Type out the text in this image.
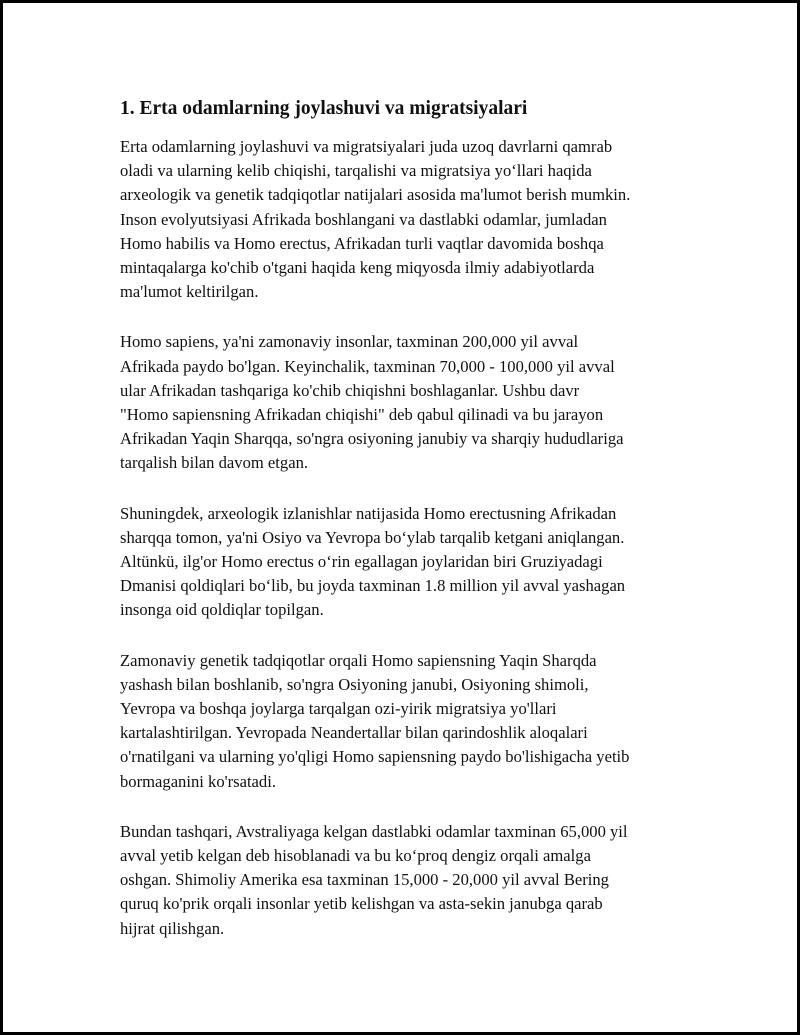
1. Erta odamlarning joylashuvi va migratsiyalari

Erta odamlarning joylashuvi va migratsiyalari juda uzoq davrlarni qamrab
oladi va ularning kelib chiqishi, tarqalishi va migratsiya yo‘llari haqida
arxeologik va genetik tadqiqotlar natijalari asosida ma'lumot berish mumkin.
Inson evolyutsiyasi Afrikada boshlangani va dastlabki odamlar, jumladan
Homo habilis va Homo erectus, Afrikadan turli vaqtlar davomida boshqa
mintaqalarga ko'chib o'tgani haqida keng miqyosda ilmiy adabiyotlarda
ma'lumot keltirilgan.

Homo sapiens, ya'ni zamonaviy insonlar, taxminan 200,000 yil avval
Afrikada paydo bo'lgan. Keyinchalik, taxminan 70,000 - 100,000 yil avval
ular Afrikadan tashqariga ko'chib chiqishni boshlaganlar. Ushbu davr
"Homo sapiensning Afrikadan chiqishi" deb qabul qilinadi va bu jarayon
Afrikadan Yaqin Sharqqa, so'ngra osiyoning janubiy va sharqiy hududlariga
tarqalish bilan davom etgan.

Shuningdek, arxeologik izlanishlar natijasida Homo erectusning Afrikadan
sharqqa tomon, ya'ni Osiyo va Yevropa bo‘ylab tarqalib ketgani aniqlangan.
Altünkü, ilg'or Homo erectus o‘rin egallagan joylaridan biri Gruziyadagi
Dmanisi qoldiqlari bo‘lib, bu joyda taxminan 1.8 million yil avval yashagan
insonga oid qoldiqlar topilgan.

Zamonaviy genetik tadqiqotlar orqali Homo sapiensning Yaqin Sharqda
yashash bilan boshlanib, so'ngra Osiyoning janubi, Osiyoning shimoli,
Yevropa va boshqa joylarga tarqalgan ozi-yirik migratsiya yo'llari
kartalashtirilgan. Yevropada Neandertallar bilan qarindoshlik aloqalari
o'rnatilgani va ularning yo'qligi Homo sapiensning paydo bo'lishigacha yetib
bormaganini ko'rsatadi.

Bundan tashqari, Avstraliyaga kelgan dastlabki odamlar taxminan 65,000 yil
avval yetib kelgan deb hisoblanadi va bu ko‘proq dengiz orqali amalga
oshgan. Shimoliy Amerika esa taxminan 15,000 - 20,000 yil avval Bering
quruq ko'prik orqali insonlar yetib kelishgan va asta-sekin janubga qarab
hijrat qilishgan.
